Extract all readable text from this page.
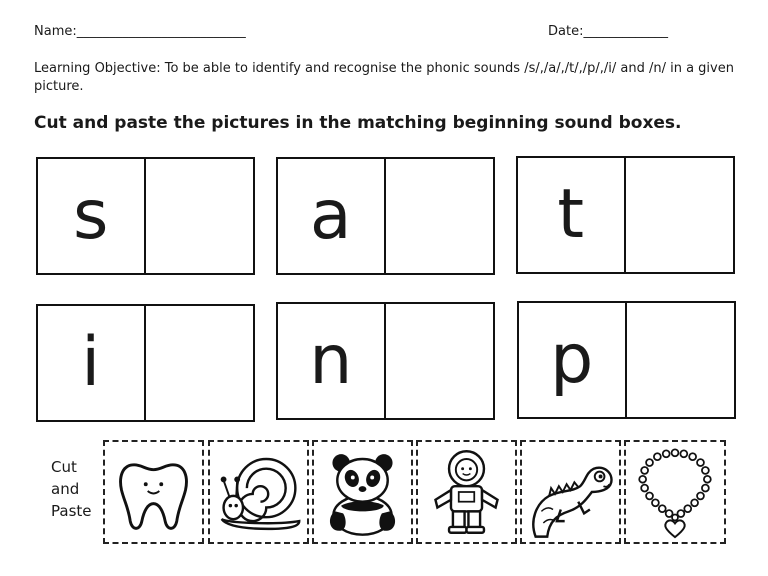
Name:__________________________	Date:_____________
Learning Objective: To be able to identify and recognise the phonic sounds /s/,/a/,/t/,/p/,/i/ and /n/ in a given picture.
Cut and paste the pictures in the matching beginning sound boxes.
s	a	t
i	n	p
Cut
and
Paste
